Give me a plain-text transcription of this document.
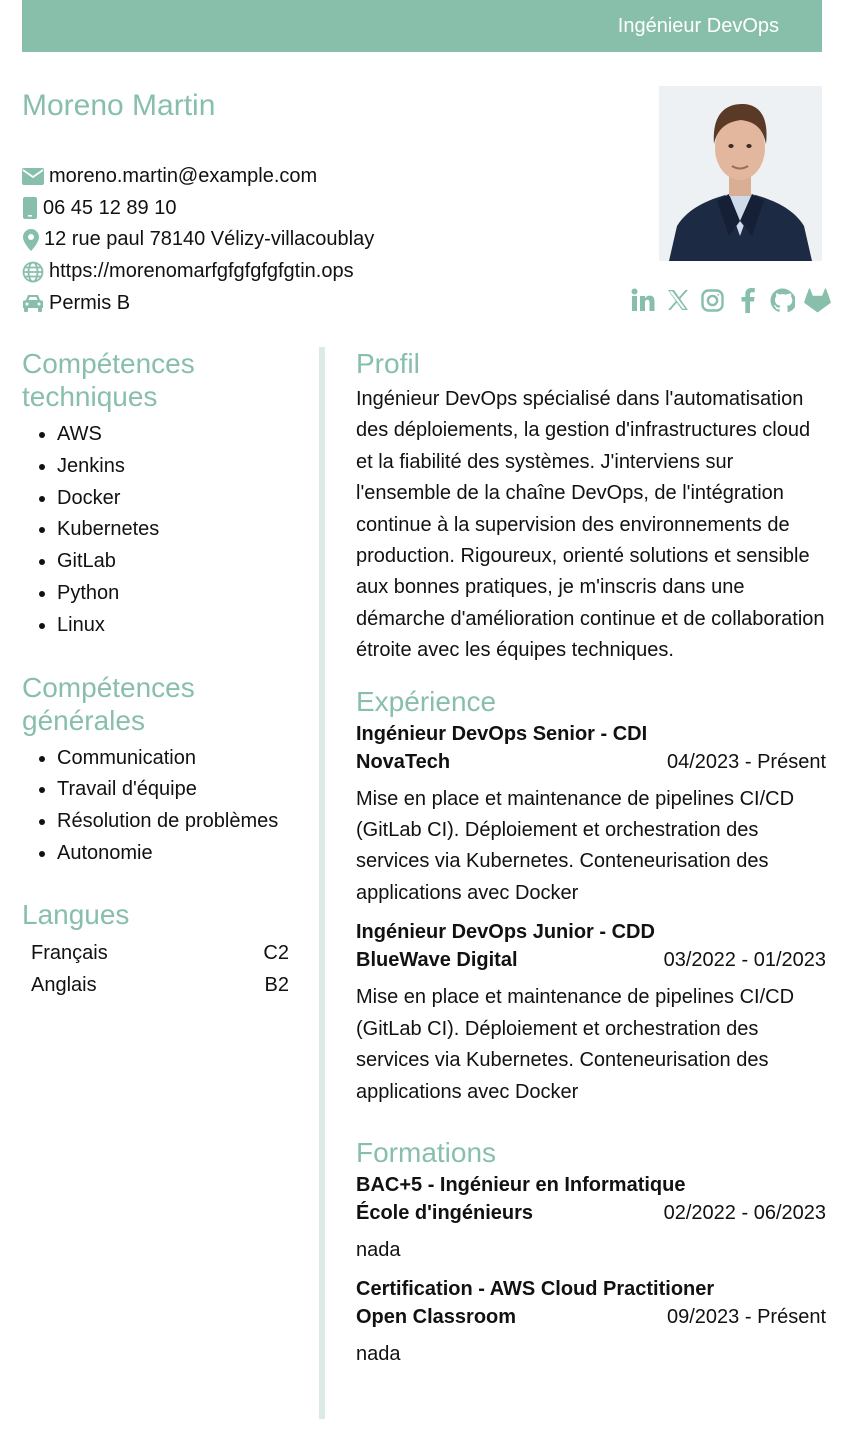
Ingénieur DevOps
Moreno Martin
moreno.martin@example.com
06 45 12 89 10
12 rue paul 78140 Vélizy-villacoublay
https://morenomarfgfgfgfgfgtin.ops
Permis B
Compétences techniques
• AWS
• Jenkins
• Docker
• Kubernetes
• GitLab
• Python
• Linux
Compétences générales
• Communication
• Travail d'équipe
• Résolution de problèmes
• Autonomie
Langues
Français	C2
Anglais	B2
Profil

Ingénieur DevOps spécialisé dans l'automatisation des déploiements, la gestion d'infrastructures cloud et la fiabilité des systèmes. J'interviens sur l'ensemble de la chaîne DevOps, de l'intégration continue à la supervision des environnements de production. Rigoureux, orienté solutions et sensible aux bonnes pratiques, je m'inscris dans une démarche d'amélioration continue et de collaboration étroite avec les équipes techniques.

Expérience
Ingénieur DevOps Senior - CDI
NovaTech	04/2023 - Présent

Mise en place et maintenance de pipelines CI/CD (GitLab CI). Déploiement et orchestration des services via Kubernetes. Conteneurisation des applications avec Docker

Ingénieur DevOps Junior - CDD
BlueWave Digital	03/2022 - 01/2023

Mise en place et maintenance de pipelines CI/CD (GitLab CI). Déploiement et orchestration des services via Kubernetes. Conteneurisation des applications avec Docker

Formations
BAC+5 - Ingénieur en Informatique
École d'ingénieurs	02/2022 - 06/2023

nada

Certification - AWS Cloud Practitioner
Open Classroom	09/2023 - Présent

nada
